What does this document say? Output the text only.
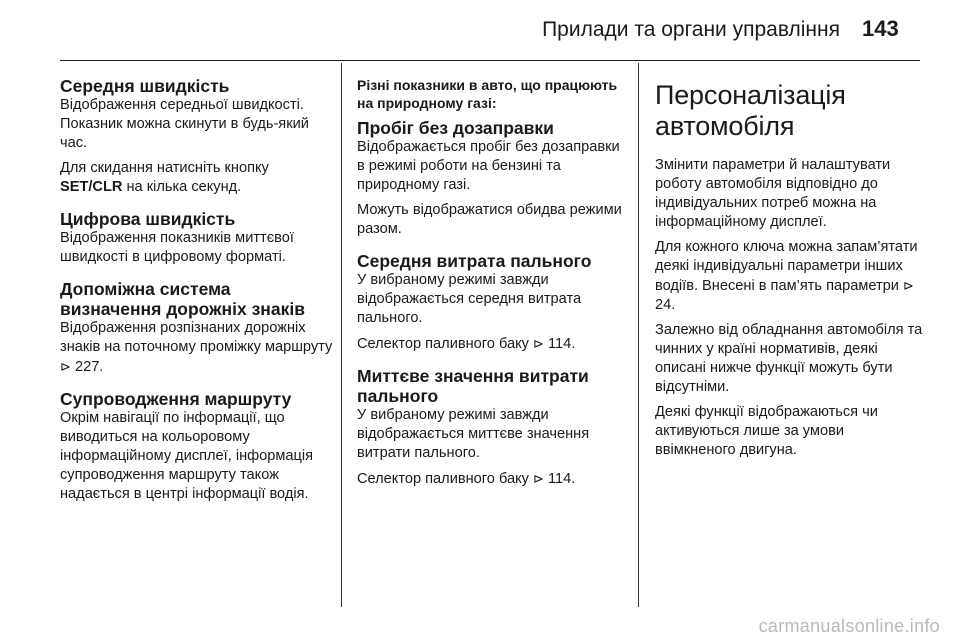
Прилади та органи управління 143
Середня швидкість

Відображення середньої швидкості. Показник можна скинути в будь-який час.

Для скидання натисніть кнопку SET/CLR на кілька секунд.

Цифрова швидкість

Відображення показників миттєвої швидкості в цифровому форматі.

Допоміжна система визначення дорожніх знаків

Відображення розпізнаних дорожніх знаків на поточному проміжку маршруту ⊳ 227.

Супроводження маршруту

Окрім навігації по інформації, що виводиться на кольоровому інформаційному дисплеї, інформація супроводження маршруту також надається в центрі інформації водія.

Різні показники в авто, що працюють на природному газі:
Пробіг без дозаправки

Відображається пробіг без дозаправки в режимі роботи на бензині та природному газі.

Можуть відображатися обидва режими разом.

Середня витрата пального

У вибраному режимі завжди відображається середня витрата пального.

Селектор паливного баку ⊳ 114.

Миттєве значення витрати пального

У вибраному режимі завжди відображається миттєве значення витрати пального.

Селектор паливного баку ⊳ 114.

Персоналізація автомобіля

Змінити параметри й налаштувати роботу автомобіля відповідно до індивідуальних потреб можна на інформаційному дисплеї.

Для кожного ключа можна запам’ятати деякі індивідуальні параметри інших водіїв. Внесені в пам’ять параметри ⊳ 24.

Залежно від обладнання автомобіля та чинних у країні нормативів, деякі описані нижче функції можуть бути відсутніми.

Деякі функції відображаються чи активуються лише за умови ввімкненого двигуна.

carmanualsonline.info
